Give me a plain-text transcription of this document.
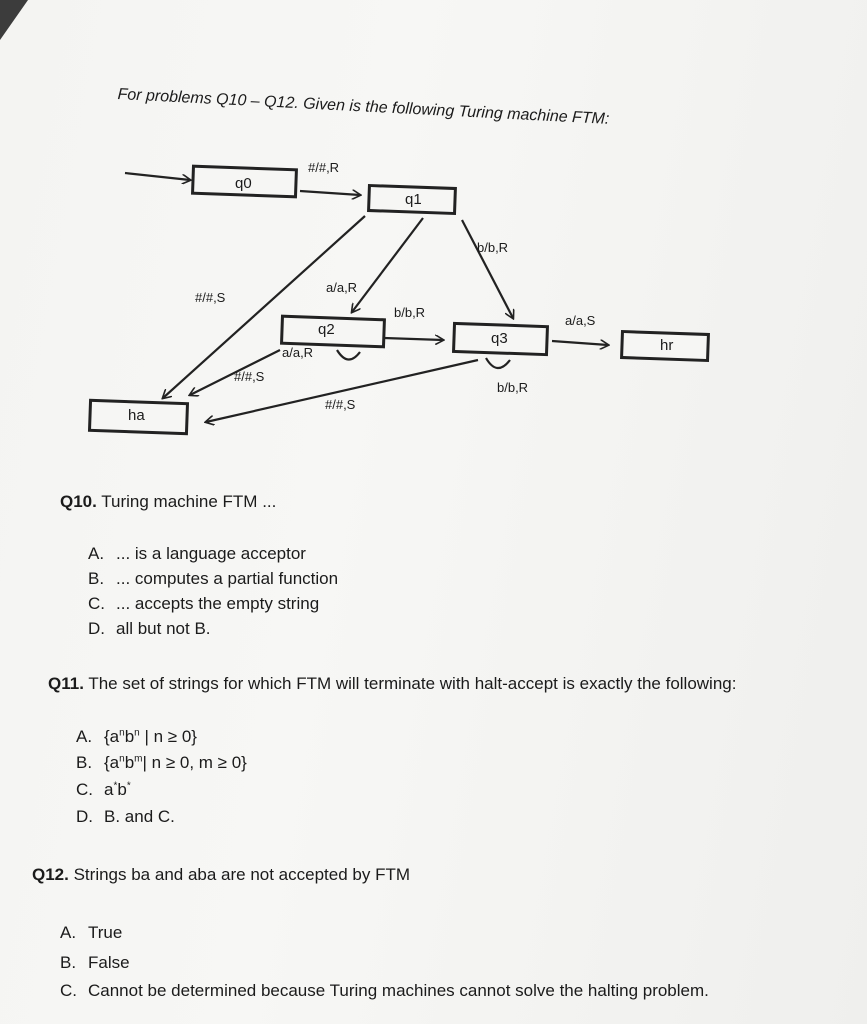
For problems Q10 – Q12. Given is the following Turing machine FTM:
q0
q1
q2
q3	hr
ha
#/#,R
b/b,R
a/a,R
#/#,S
b/b,R
a/a,S
a/a,R
#/#,S
b/b,R
#/#,S
Q10. Turing machine FTM ...
A. ... is a language acceptor
B. ... computes a partial function
C. ... accepts the empty string
D. all but not B.
Q11. The set of strings for which FTM will terminate with halt-accept is exactly the following:
A. {$a^nb^n$ | n ≥ 0}
B. {$a^nb^m|$ n ≥ 0, m ≥ 0}
C. a*b*
D. B. and C.
Q12. Strings ba and aba are not accepted by FTM
A. True
B. False
C. Cannot be determined because Turing machines cannot solve the halting problem.
